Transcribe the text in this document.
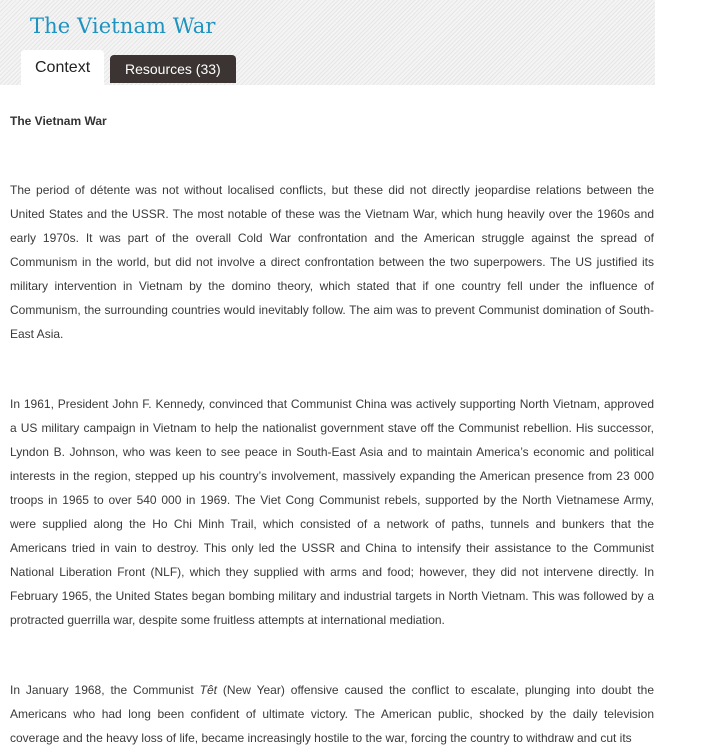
The Vietnam War
Context	Resources (33)

The Vietnam War

The period of détente was not without localised conflicts, but these did not directly jeopardise relations between the United States and the USSR. The most notable of these was the Vietnam War, which hung heavily over the 1960s and early 1970s. It was part of the overall Cold War confrontation and the American struggle against the spread of Communism in the world, but did not involve a direct confrontation between the two superpowers. The US justified its military intervention in Vietnam by the domino theory, which stated that if one country fell under the influence of Communism, the surrounding countries would inevitably follow. The aim was to prevent Communist domination of South-East Asia.

In 1961, President John F. Kennedy, convinced that Communist China was actively supporting North Vietnam, approved a US military campaign in Vietnam to help the nationalist government stave off the Communist rebellion. His successor, Lyndon B. Johnson, who was keen to see peace in South-East Asia and to maintain America’s economic and political interests in the region, stepped up his country’s involvement, massively expanding the American presence from 23 000 troops in 1965 to over 540 000 in 1969. The Viet Cong Communist rebels, supported by the North Vietnamese Army, were supplied along the Ho Chi Minh Trail, which consisted of a network of paths, tunnels and bunkers that the Americans tried in vain to destroy. This only led the USSR and China to intensify their assistance to the Communist National Liberation Front (NLF), which they supplied with arms and food; however, they did not intervene directly. In February 1965, the United States began bombing military and industrial targets in North Vietnam. This was followed by a protracted guerrilla war, despite some fruitless attempts at international mediation.

In January 1968, the Communist Têt (New Year) offensive caused the conflict to escalate, plunging into doubt the Americans who had long been confident of ultimate victory. The American public, shocked by the daily television coverage and the heavy loss of life, became increasingly hostile to the war, forcing the country to withdraw and cut its
